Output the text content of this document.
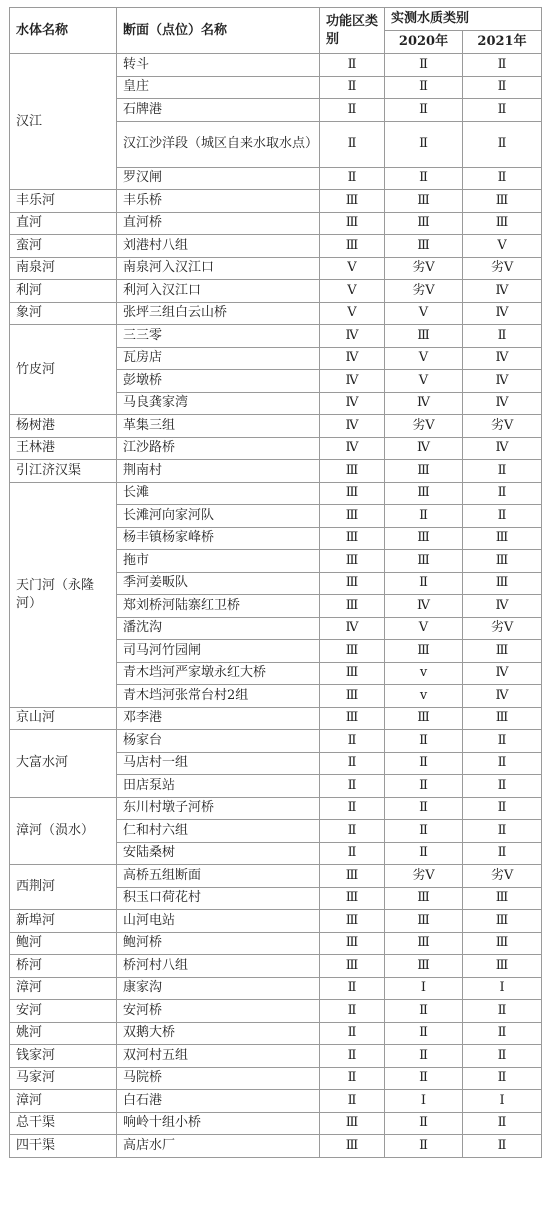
水体名称	断面（点位）名称	功能区类别	实测水质类别	
			2020年	2021年
汉江	转斗	Ⅱ	Ⅱ	Ⅱ
	皇庄	Ⅱ	Ⅱ	Ⅱ
	石牌港	Ⅱ	Ⅱ	Ⅱ
	汉江沙洋段（城区自来水取水点）	Ⅱ	Ⅱ	Ⅱ
	罗汉闸	Ⅱ	Ⅱ	Ⅱ
丰乐河	丰乐桥	Ⅲ	Ⅲ	Ⅲ
直河	直河桥	Ⅲ	Ⅲ	Ⅲ
蛮河	刘港村八组	Ⅲ	Ⅲ	Ⅴ
南泉河	南泉河入汉江口	Ⅴ	劣Ⅴ	劣Ⅴ
利河	利河入汉江口	Ⅴ	劣Ⅴ	Ⅳ
象河	张坪三组白云山桥	Ⅴ	Ⅴ	Ⅳ
竹皮河	三三零	Ⅳ	Ⅲ	Ⅱ
	瓦房店	Ⅳ	Ⅴ	Ⅳ
	彭墩桥	Ⅳ	Ⅴ	Ⅳ
	马良龚家湾	Ⅳ	Ⅳ	Ⅳ
杨树港	革集三组	Ⅳ	劣Ⅴ	劣Ⅴ
王林港	江沙路桥	Ⅳ	Ⅳ	Ⅳ
引江济汉渠	荆南村	Ⅲ	Ⅲ	Ⅱ
天门河（永隆河）	长滩	Ⅲ	Ⅲ	Ⅱ
	长滩河向家河队	Ⅲ	Ⅱ	Ⅱ
	杨丰镇杨家峰桥	Ⅲ	Ⅲ	Ⅲ
	拖市	Ⅲ	Ⅲ	Ⅲ
	季河姜畈队	Ⅲ	Ⅱ	Ⅲ
	郑刘桥河陆寨红卫桥	Ⅲ	Ⅳ	Ⅳ
	潘沈沟	Ⅳ	Ⅴ	劣Ⅴ
	司马河竹园闸	Ⅲ	Ⅲ	Ⅲ
	青木垱河严家墩永红大桥	Ⅲ	ⅴ	Ⅳ
	青木垱河张常台村2组	Ⅲ	ⅴ	Ⅳ
京山河	邓李港	Ⅲ	Ⅲ	Ⅲ
大富水河	杨家台	Ⅱ	Ⅱ	Ⅱ
	马店村一组	Ⅱ	Ⅱ	Ⅱ
	田店泵站	Ⅱ	Ⅱ	Ⅱ
漳河（涢水）	东川村墩子河桥	Ⅱ	Ⅱ	Ⅱ
	仁和村六组	Ⅱ	Ⅱ	Ⅱ
	安陆桑树	Ⅱ	Ⅱ	Ⅱ
西荆河	高桥五组断面	Ⅲ	劣Ⅴ	劣Ⅴ
	积玉口荷花村	Ⅲ	Ⅲ	Ⅲ
新埠河	山河电站	Ⅲ	Ⅲ	Ⅲ
鲍河	鲍河桥	Ⅲ	Ⅲ	Ⅲ
桥河	桥河村八组	Ⅲ	Ⅲ	Ⅲ
漳河	康家沟	Ⅱ	Ⅰ	Ⅰ
安河	安河桥	Ⅱ	Ⅱ	Ⅱ
姚河	双鹅大桥	Ⅱ	Ⅱ	Ⅱ
钱家河	双河村五组	Ⅱ	Ⅱ	Ⅱ
马家河	马院桥	Ⅱ	Ⅱ	Ⅱ
漳河	白石港	Ⅱ	Ⅰ	Ⅰ
总干渠	响岭十组小桥	Ⅲ	Ⅱ	Ⅱ
四干渠	高店水厂	Ⅲ	Ⅱ	Ⅱ
